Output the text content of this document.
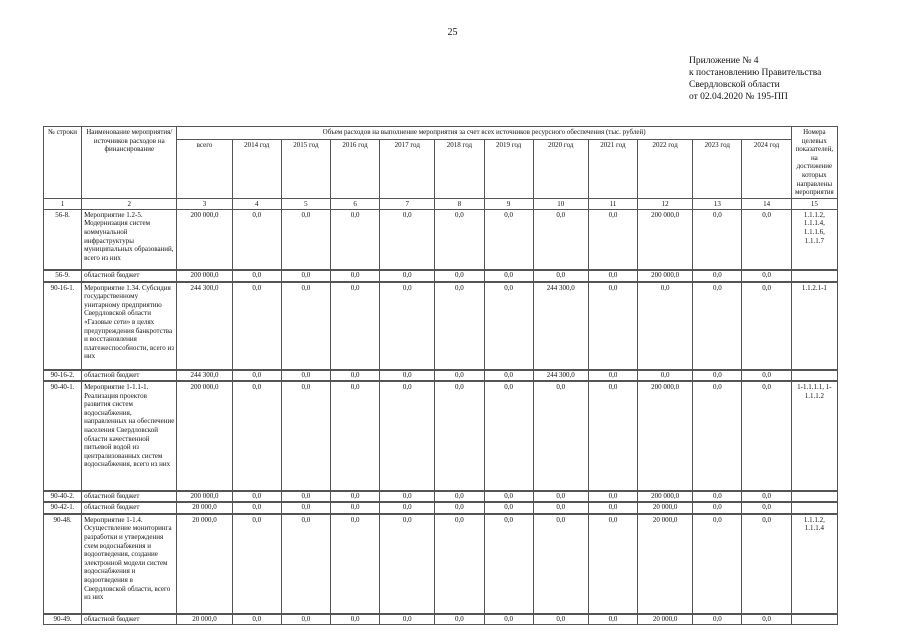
25
Приложение № 4
к постановлению Правительства
Свердловской области
от 02.04.2020 № 195-ПП
№ строки	Наименование мероприятия/ источников расходов на финансирование	Объем расходов на выполнение мероприятия за счет всех источников ресурсного обеспечения (тыс. рублей)												Номера целевых показателей, на достижение которых направлены мероприятия
		всего	2014 год	2015 год	2016 год	2017 год	2018 год	2019 год	2020 год	2021 год	2022 год	2023 год	2024 год	
1	2	3	4	5	6	7	8	9	10	11	12	13	14	15
56-8.	Мероприятие 1.2-5. Модернизация систем коммунальной инфраструктуры муниципальных образований, всего из них	200 000,0	0,0	0,0	0,0	0,0	0,0	0,0	0,0	0,0	200 000,0	0,0	0,0	1.1.1.2, 1.1.1.4, 1.1.1.6, 1.1.1.7
56-9.	областной бюджет	200 000,0	0,0	0,0	0,0	0,0	0,0	0,0	0,0	0,0	200 000,0	0,0	0,0	
90-16-1.	Мероприятие 1.34. Субсидия государственному унитарному предприятию Свердловской области «Газовые сети» в целях предупреждения банкротства и восстановления платежеспособности, всего из них	244 300,0	0,0	0,0	0,0	0,0	0,0	0,0	244 300,0	0,0	0,0	0,0	0,0	1.1.2.1-1
90-16-2.	областной бюджет	244 300,0	0,0	0,0	0,0	0,0	0,0	0,0	244 300,0	0,0	0,0	0,0	0,0	
90-40-1.	Мероприятие 1-1.1-1. Реализация проектов развития систем водоснабжения, направленных на обеспечение населения Свердловской области качественной питьевой водой из централизованных систем водоснабжения, всего из них	200 000,0	0,0	0,0	0,0	0,0	0,0	0,0	0,0	0,0	200 000,0	0,0	0,0	1-1.1.1.1, 1-1.1.1.2
90-40-2.	областной бюджет	200 000,0	0,0	0,0	0,0	0,0	0,0	0,0	0,0	0,0	200 000,0	0,0	0,0	
90-42-1.	областной бюджет	20 000,0	0,0	0,0	0,0	0,0	0,0	0,0	0,0	0,0	20 000,0	0,0	0,0	
90-48.	Мероприятие 1-1.4. Осуществление мониторинга разработки и утверждения схем водоснабжения и водоотведения, создание электронной модели систем водоснабжения и водоотведения в Свердловской области, всего из них	20 000,0	0,0	0,0	0,0	0,0	0,0	0,0	0,0	0,0	20 000,0	0,0	0,0	1.1.1.2, 1.1.1.4
90-49.	областной бюджет	20 000,0	0,0	0,0	0,0	0,0	0,0	0,0	0,0	0,0	20 000,0	0,0	0,0	
